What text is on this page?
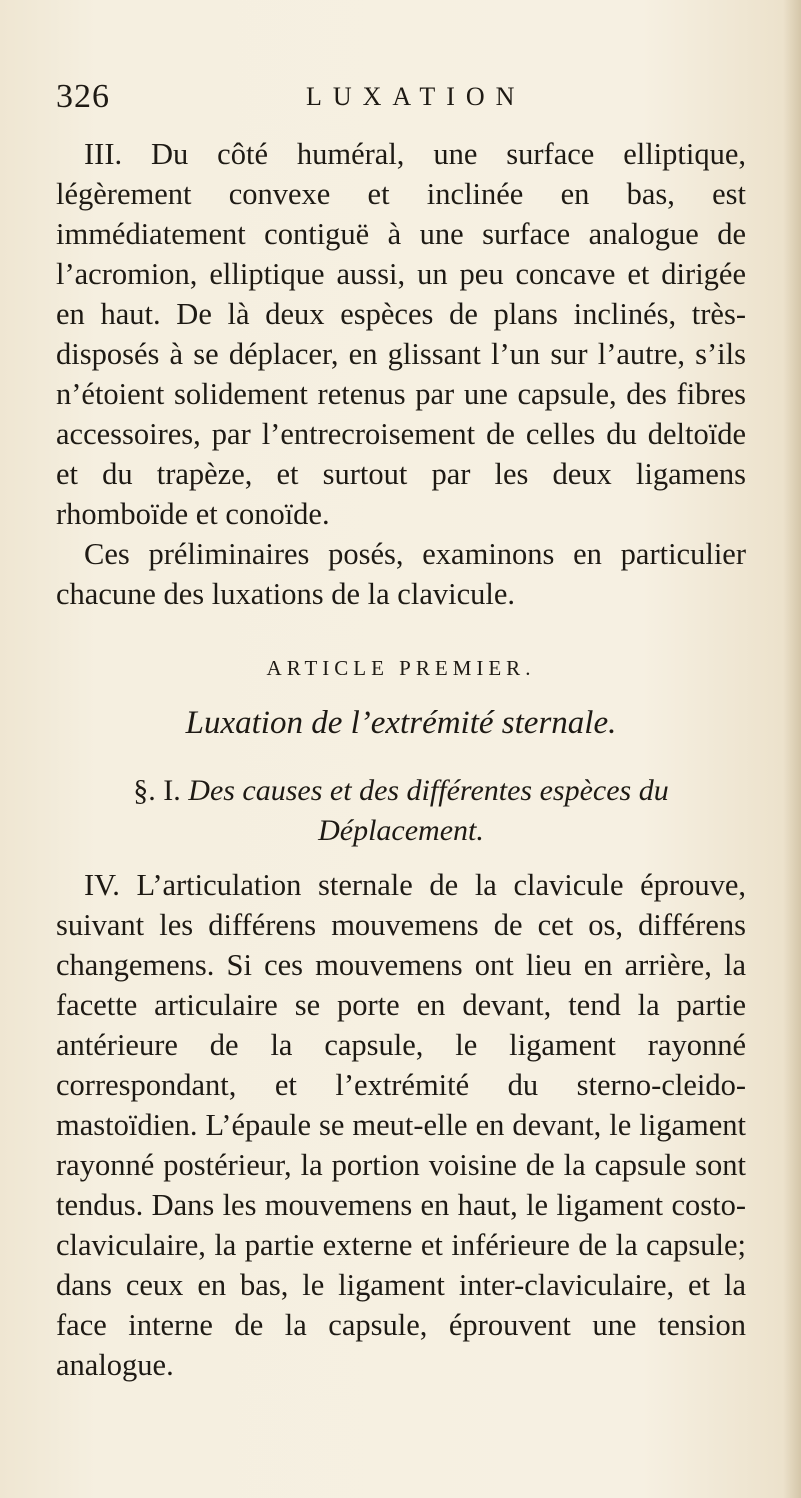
326	LUXATION

III. Du côté huméral, une surface elliptique, légèrement convexe et inclinée en bas, est immédiatement contiguë à une surface analogue de l’acromion, elliptique aussi, un peu concave et dirigée en haut. De là deux espèces de plans inclinés, très-disposés à se déplacer, en glissant l’un sur l’autre, s’ils n’étoient solidement retenus par une capsule, des fibres accessoires, par l’entrecroisement de celles du deltoïde et du trapèze, et surtout par les deux ligamens rhomboïde et conoïde.

Ces préliminaires posés, examinons en particulier chacune des luxations de la clavicule.

ARTICLE PREMIER.
Luxation de l’extrémité sternale.
§. I. Des causes et des différentes espèces du Déplacement.

IV. L’articulation sternale de la clavicule éprouve, suivant les différens mouvemens de cet os, différens changemens. Si ces mouvemens ont lieu en arrière, la facette articulaire se porte en devant, tend la partie antérieure de la capsule, le ligament rayonné correspondant, et l’extrémité du sterno-cleido-mastoïdien. L’épaule se meut-elle en devant, le ligament rayonné postérieur, la portion voisine de la capsule sont tendus. Dans les mouvemens en haut, le ligament costo-claviculaire, la partie externe et inférieure de la capsule; dans ceux en bas, le ligament inter-claviculaire, et la face interne de la capsule, éprouvent une tension analogue.
